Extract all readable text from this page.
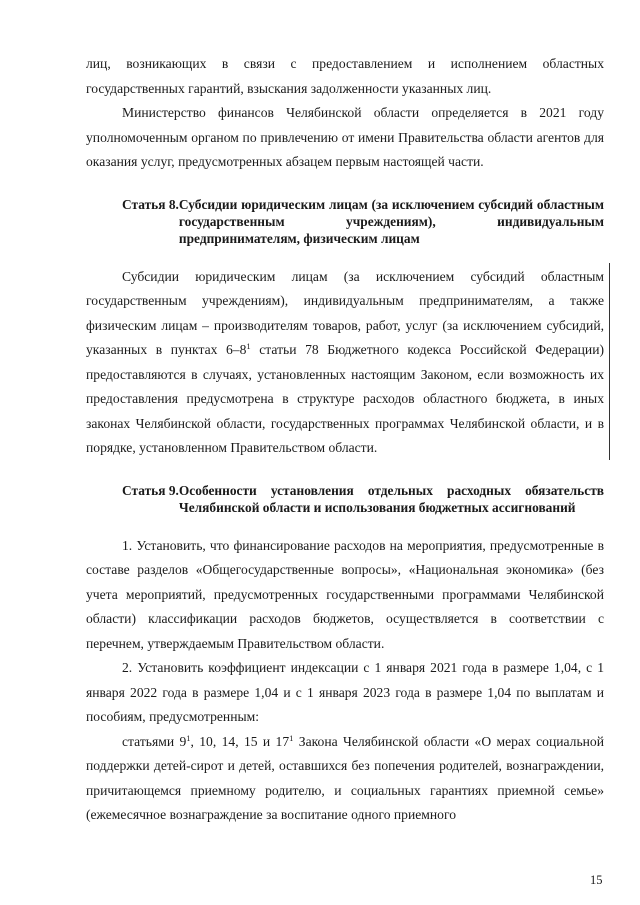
лиц, возникающих в связи с предоставлением и исполнением областных государственных гарантий, взыскания задолженности указанных лиц.

Министерство финансов Челябинской области определяется в 2021 году уполномоченным органом по привлечению от имени Правительства области агентов для оказания услуг, предусмотренных абзацем первым настоящей части.

Статья 8. Субсидии юридическим лицам (за исключением субсидий областным государственным учреждениям), индивидуальным предпринимателям, физическим лицам

Субсидии юридическим лицам (за исключением субсидий областным государственным учреждениям), индивидуальным предпринимателям, а также физическим лицам – производителям товаров, работ, услуг (за исключением субсидий, указанных в пунктах $6-8^1$ статьи 78 Бюджетного кодекса Российской Федерации) предоставляются в случаях, установленных настоящим Законом, если возможность их предоставления предусмотрена в структуре расходов областного бюджета, в иных законах Челябинской области, государственных программах Челябинской области, и в порядке, установленном Правительством области.

Статья 9. Особенности установления отдельных расходных обязательств Челябинской области и использования бюджетных ассигнований

1. Установить, что финансирование расходов на мероприятия, предусмотренные в составе разделов «Общегосударственные вопросы», «Национальная экономика» (без учета мероприятий, предусмотренных государственными программами Челябинской области) классификации расходов бюджетов, осуществляется в соответствии с перечнем, утверждаемым Правительством области.

2. Установить коэффициент индексации с 1 января 2021 года в размере 1,04, с 1 января 2022 года в размере 1,04 и с 1 января 2023 года в размере 1,04 по выплатам и пособиям, предусмотренным:

статьями $9^1$, 10, 14, 15 и $17^1$ Закона Челябинской области «О мерах социальной поддержки детей-сирот и детей, оставшихся без попечения родителей, вознаграждении, причитающемся приемному родителю, и социальных гарантиях приемной семье» (ежемесячное вознаграждение за воспитание одного приемного

15
